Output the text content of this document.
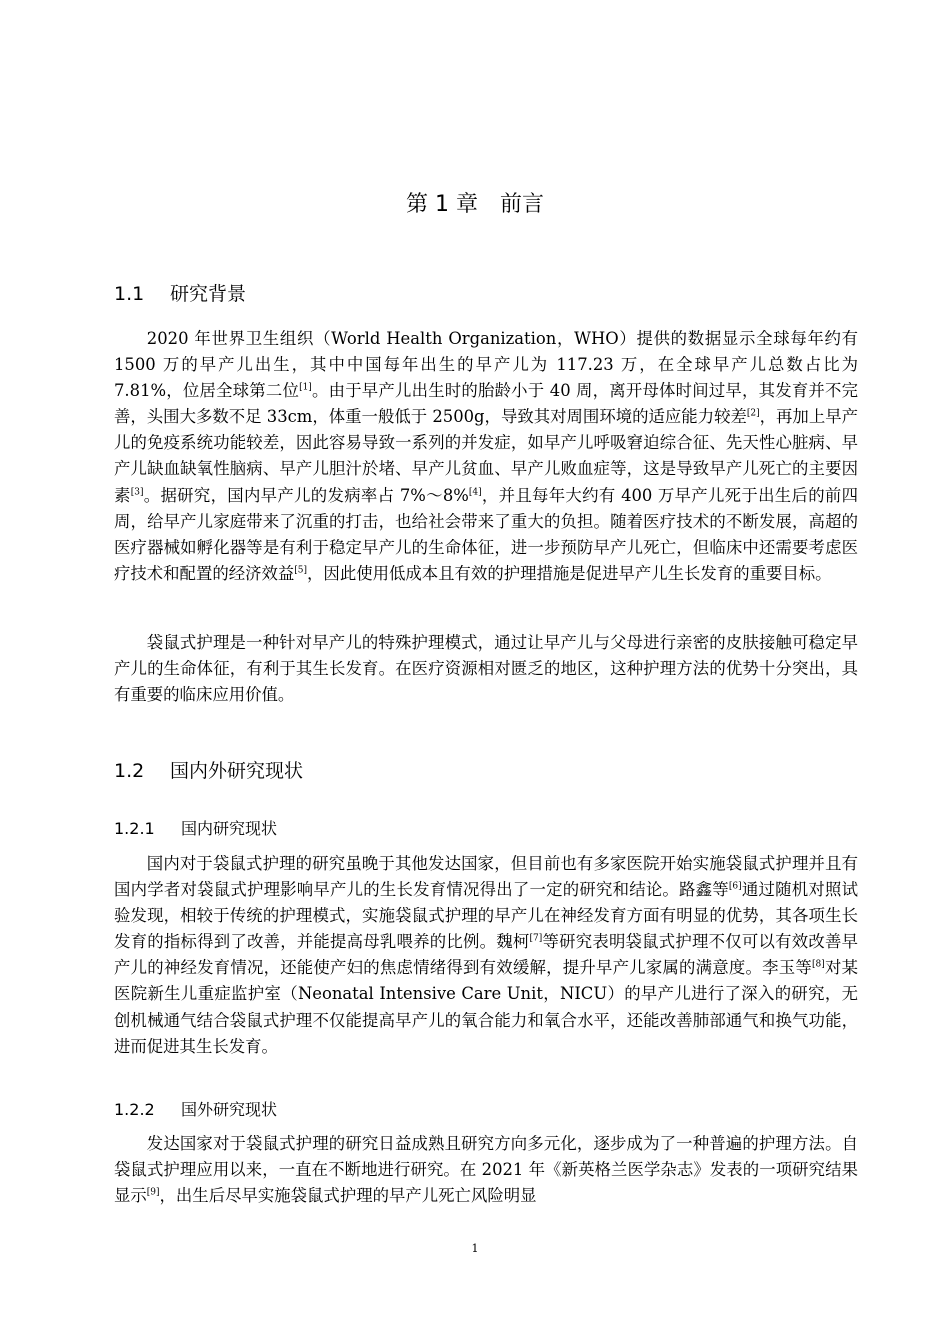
第 1 章 前言
1.1 研究背景

2020 年世界卫生组织（World Health Organization，WHO）提供的数据显示全球每年约有 1500 万的早产儿出生，其中中国每年出生的早产儿为 117.23 万，在全球早产儿总数占比为 7.81%，位居全球第二位[1]。由于早产儿出生时的胎龄小于 40 周，离开母体时间过早，其发育并不完善，头围大多数不足 33cm，体重一般低于 2500g，导致其对周围环境的适应能力较差[2]，再加上早产儿的免疫系统功能较差，因此容易导致一系列的并发症，如早产儿呼吸窘迫综合征、先天性心脏病、早产儿缺血缺氧性脑病、早产儿胆汁於堵、早产儿贫血、早产儿败血症等，这是导致早产儿死亡的主要因素[3]。据研究，国内早产儿的发病率占 7%～8%[4]，并且每年大约有 400 万早产儿死于出生后的前四周，给早产儿家庭带来了沉重的打击，也给社会带来了重大的负担。随着医疗技术的不断发展，高超的医疗器械如孵化器等是有利于稳定早产儿的生命体征，进一步预防早产儿死亡，但临床中还需要考虑医疗技术和配置的经济效益[5]，因此使用低成本且有效的护理措施是促进早产儿生长发育的重要目标。

袋鼠式护理是一种针对早产儿的特殊护理模式，通过让早产儿与父母进行亲密的皮肤接触可稳定早产儿的生命体征，有利于其生长发育。在医疗资源相对匮乏的地区，这种护理方法的优势十分突出，具有重要的临床应用价值。

1.2 国内外研究现状
1.2.1 国内研究现状

国内对于袋鼠式护理的研究虽晚于其他发达国家，但目前也有多家医院开始实施袋鼠式护理并且有国内学者对袋鼠式护理影响早产儿的生长发育情况得出了一定的研究和结论。路鑫等[6]通过随机对照试验发现，相较于传统的护理模式，实施袋鼠式护理的早产儿在神经发育方面有明显的优势，其各项生长发育的指标得到了改善，并能提高母乳喂养的比例。魏柯[7]等研究表明袋鼠式护理不仅可以有效改善早产儿的神经发育情况，还能使产妇的焦虑情绪得到有效缓解，提升早产儿家属的满意度。李玉等[8]对某医院新生儿重症监护室（Neonatal Intensive Care Unit，NICU）的早产儿进行了深入的研究，无创机械通气结合袋鼠式护理不仅能提高早产儿的氧合能力和氧合水平，还能改善肺部通气和换气功能，进而促进其生长发育。

1.2.2 国外研究现状

发达国家对于袋鼠式护理的研究日益成熟且研究方向多元化，逐步成为了一种普遍的护理方法。自袋鼠式护理应用以来，一直在不断地进行研究。在 2021 年《新英格兰医学杂志》发表的一项研究结果显示[9]，出生后尽早实施袋鼠式护理的早产儿死亡风险明显

1
